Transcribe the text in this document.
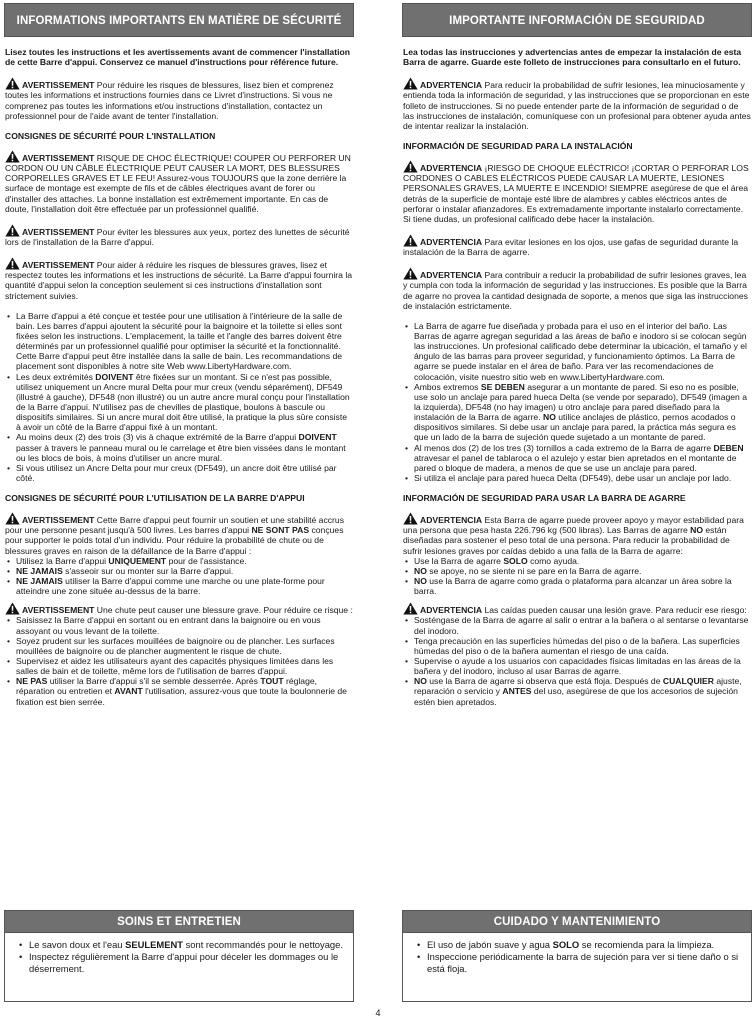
INFORMATIONS IMPORTANTS EN MATIÈRE DE SÉCURITÉ

Lisez toutes les instructions et les avertissements avant de commencer l'installation de cette Barre d'appui. Conservez ce manuel d'instructions pour référence future.

AVERTISSEMENT Pour réduire les risques de blessures, lisez bien et comprenez toutes les informations et instructions fournies dans ce Livret d'instructions. Si vous ne comprenez pas toutes les informations et/ou instructions d'installation, contactez un professionnel pour de l'aide avant de tenter l'installation.

CONSIGNES DE SÉCURITÉ POUR L'INSTALLATION

AVERTISSEMENT RISQUE DE CHOC ÉLECTRIQUE! COUPER OU PERFORER UN CORDON OU UN CÂBLE ÉLECTRIQUE PEUT CAUSER LA MORT, DES BLESSURES CORPORELLES GRAVES ET LE FEU! Assurez-vous TOUJOURS que la zone derrière la surface de montage est exempte de fils et de câbles électriques avant de forer ou d'installer des attaches. La bonne installation est extrêmement importante. En cas de doute, l'installation doit être effectuée par un professionnel qualifié.

AVERTISSEMENT Pour éviter les blessures aux yeux, portez des lunettes de sécurité lors de l'installation de la Barre d'appui.

AVERTISSEMENT Pour aider à réduire les risques de blessures graves, lisez et respectez toutes les informations et les instructions de sécurité. La Barre d'appui fournira la quantité d'appui selon la conception seulement si ces instructions d'installation sont strictement suivies.

• La Barre d'appui a été conçue et testée pour une utilisation à l'intérieure de la salle de bain. Les barres d'appui ajoutent la sécurité pour la baignoire et la toilette si elles sont fixées selon les instructions. L'emplacement, la taille et l'angle des barres doivent être déterminés par un professionnel qualifié pour optimiser la sécurité et la fonctionnalité. Cette Barre d'appui peut être installée dans la salle de bain. Les recommandations de placement sont disponibles à notre site Web www.LibertyHardware.com.
• Les deux extrémités DOIVENT être fixées sur un montant. Si ce n'est pas possible, utilisez uniquement un Ancre mural Delta pour mur creux (vendu séparément), DF549 (illustré à gauche), DF548 (non illustré) ou un autre ancre mural conçu pour l'installation de la Barre d'appui. N'utilisez pas de chevilles de plastique, boulons à bascule ou dispositifs similaires. Si un ancre mural doit être utilisé, la pratique la plus sûre consiste à avoir un côté de la Barre d'appui fixé à un montant.
• Au moins deux (2) des trois (3) vis à chaque extrémité de la Barre d'appui DOIVENT passer à travers le panneau mural ou le carrelage et être bien vissées dans le montant ou les blocs de bois, à moins d'utiliser un ancre mural.
• Si vous utilisez un Ancre Delta pour mur creux (DF549), un ancre doit être utilisé par côté.
CONSIGNES DE SÉCURITÉ POUR L'UTILISATION DE LA BARRE D'APPUI

AVERTISSEMENT Cette Barre d'appui peut fournir un soutien et une stabilité accrus pour une personne pesant jusqu'à 500 livres. Les barres d'appui NE SONT PAS conçues pour supporter le poids total d'un individu. Pour réduire la probabilité de chute ou de blessures graves en raison de la défaillance de la Barre d'appui :

• Utilisez la Barre d'appui UNIQUEMENT pour de l'assistance.
• NE JAMAIS s'asseoir sur ou monter sur la Barre d'appui.
• NE JAMAIS utiliser la Barre d'appui comme une marche ou une plate-forme pour atteindre une zone située au-dessus de la barre.

AVERTISSEMENT Une chute peut causer une blessure grave. Pour réduire ce risque :

• Saisissez la Barre d'appui en sortant ou en entrant dans la baignoire ou en vous assoyant ou vous levant de la toilette.
• Soyez prudent sur les surfaces mouillées de baignoire ou de plancher. Les surfaces mouillées de baignoire ou de plancher augmentent le risque de chute.
• Supervisez et aidez les utilisateurs ayant des capacités physiques limitées dans les salles de bain et de toilette, même lors de l'utilisation de barres d'appui.
• NE PAS utiliser la Barre d'appui s'il se semble desserrée. Après TOUT réglage, réparation ou entretien et AVANT l'utilisation, assurez-vous que toute la boulonnerie de fixation est bien serrée.
IMPORTANTE INFORMACIÓN DE SEGURIDAD

Lea todas las instrucciones y advertencias antes de empezar la instalación de esta Barra de agarre. Guarde este folleto de instrucciones para consultarlo en el futuro.

ADVERTENCIA Para reducir la probabilidad de sufrir lesiones, lea minuciosamente y entienda toda la información de seguridad, y las instrucciones que se proporcionan en este folleto de instrucciones. Si no puede entender parte de la información de seguridad o de las instrucciones de instalación, comuníquese con un profesional para obtener ayuda antes de intentar realizar la instalación.

INFORMACIÓN DE SEGURIDAD PARA LA INSTALACIÓN

ADVERTENCIA ¡RIESGO DE CHOQUE ELÉCTRICO! ¡CORTAR O PERFORAR LOS CORDONES O CABLES ELÉCTRICOS PUEDE CAUSAR LA MUERTE, LESIONES PERSONALES GRAVES, LA MUERTE E INCENDIO! SIEMPRE asegúrese de que el área detrás de la superficie de montaje esté libre de alambres y cables eléctricos antes de perforar o instalar afianzadores. Es extremadamente importante instalarlo correctamente. Si tiene dudas, un profesional calificado debe hacer la instalación.

ADVERTENCIA Para evitar lesiones en los ojos, use gafas de seguridad durante la instalación de la Barra de agarre.

ADVERTENCIA Para contribuir a reducir la probabilidad de sufrir lesiones graves, lea y cumpla con toda la información de seguridad y las instrucciones. Es posible que la Barra de agarre no provea la cantidad designada de soporte, a menos que siga las instrucciones de instalación estrictamente.

• La Barra de agarre fue diseñada y probada para el uso en el interior del baño. Las Barras de agarre agregan seguridad a las áreas de baño e inodoro si se colocan según las instrucciones. Un profesional calificado debe determinar la ubicación, el tamaño y el ángulo de las barras para proveer seguridad, y funcionamiento óptimos. La Barra de agarre se puede instalar en el área de baño. Para ver las recomendaciones de colocación, visite nuestro sitio web en www.LibertyHardware.com.
• Ambos extremos SE DEBEN asegurar a un montante de pared. Si eso no es posible, use solo un anclaje para pared hueca Delta (se vende por separado), DF549 (imagen a la izquierda), DF548 (no hay imagen) u otro anclaje para pared diseñado para la instalación de la Barra de agarre. NO utilice anclajes de plástico, pernos acodados o dispositivos similares. Si debe usar un anclaje para pared, la práctica más segura es que un lado de la barra de sujeción quede sujetado a un montante de pared.
• Al menos dos (2) de los tres (3) tornillos a cada extremo de la Barra de agarre DEBEN atravesar el panel de tablaroca o el azulejo y estar bien apretados en el montante de pared o bloque de madera, a menos de que se use un anclaje para pared.
• Si utiliza el anclaje para pared hueca Delta (DF549), debe usar un anclaje por lado.
INFORMACIÓN DE SEGURIDAD PARA USAR LA BARRA DE AGARRE

ADVERTENCIA Esta Barra de agarre puede proveer apoyo y mayor estabilidad para una persona que pesa hasta 226.796 kg (500 libras). Las Barras de agarre NO están diseñadas para sostener el peso total de una persona. Para reducir la probabilidad de sufrir lesiones graves por caídas debido a una falla de la Barra de agarre:

• Use la Barra de agarre SOLO como ayuda.
• NO se apoye, no se siente ni se pare en la Barra de agarre.
• NO use la Barra de agarre como grada o plataforma para alcanzar un área sobre la barra.

ADVERTENCIA Las caídas pueden causar una lesión grave. Para reducir ese riesgo:

• Sosténgase de la Barra de agarre al salir o entrar a la bañera o al sentarse o levantarse del inodoro.
• Tenga precaución en las superficies húmedas del piso o de la bañera. Las superficies húmedas del piso o de la bañera aumentan el riesgo de una caída.
• Supervise o ayude a los usuarios con capacidades físicas limitadas en las áreas de la bañera y del inodoro, incluso al usar Barras de agarre.
• NO use la Barra de agarre si observa que está floja. Después de CUALQUIER ajuste, reparación o servicio y ANTES del uso, asegúrese de que los accesorios de sujeción estén bien apretados.
SOINS ET ENTRETIEN
• Le savon doux et l'eau SEULEMENT sont recommandés pour le nettoyage.
• Inspectez régulièrement la Barre d'appui pour déceler les dommages ou le déserrement.
CUIDADO Y MANTENIMIENTO
• El uso de jabón suave y agua SOLO se recomienda para la limpieza.
• Inspeccione periódicamente la barra de sujeción para ver si tiene daño o si está floja.
4
